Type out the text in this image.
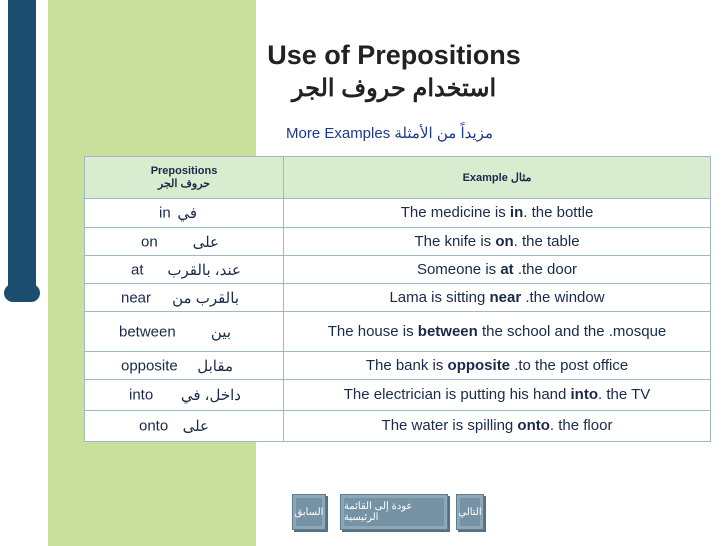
Use of Prepositions
استخدام حروف الجر
More Examples مزيداً من الأمثلة
Prepositions
حروف الجر	Example مثال

in في	The medicine is in. the bottle

on على	The knife is on. the table

at عند، بالقرب	Someone is at .the door

near بالقرب من	Lama is sitting near .the window

between بين	The house is between the school and the .mosque

opposite مقابل	The bank is opposite .to the post office

into داخل، في	The electrician is putting his hand into. the TV

onto على	The water is spilling onto. the floor
السابق عودة إلى القائمة الرئيسية	التالي
